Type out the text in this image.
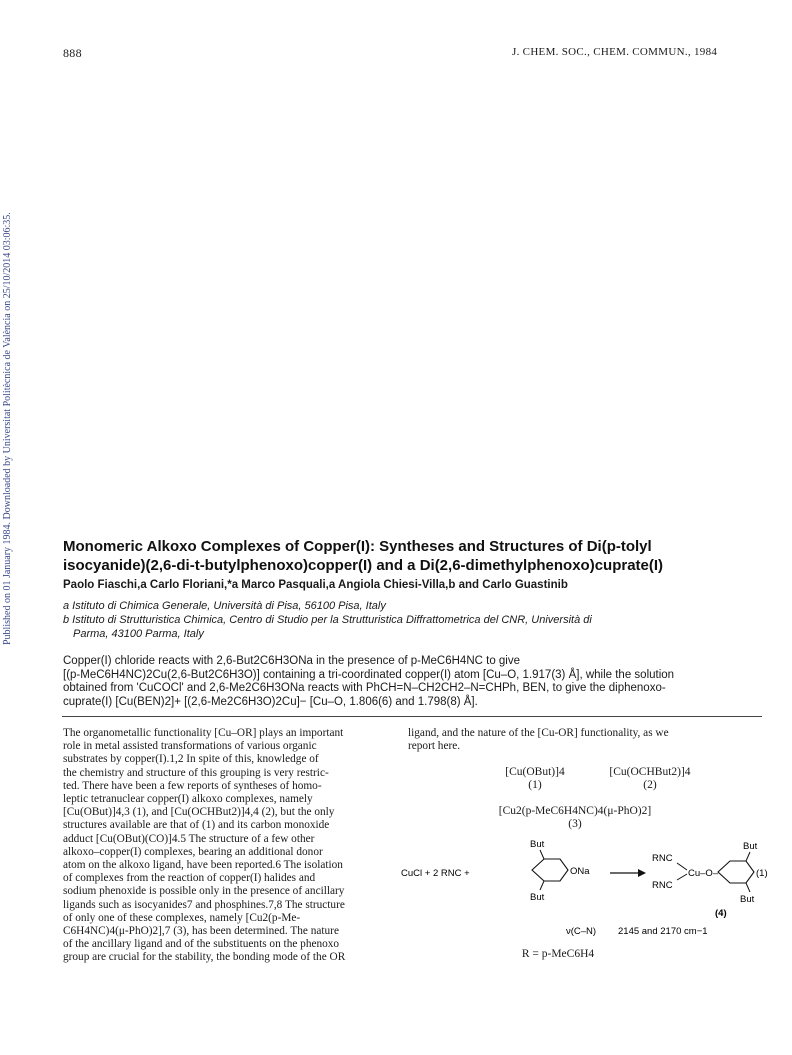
888	J. CHEM. SOC., CHEM. COMMUN., 1984
Published on 01 January 1984. Downloaded by Universitat Politècnica de València on 25/10/2014 03:06:35.	Monomeric Alkoxo Complexes of Copper(I): Syntheses and Structures of Di(p-tolyl
isocyanide)(2,6-di-t-butylphenoxo)copper(I) and a Di(2,6-dimethylphenoxo)cuprate(I)
Paolo Fiaschi,a Carlo Floriani,*a Marco Pasquali,a Angiola Chiesi-Villa,b and Carlo Guastinib
a Istituto di Chimica Generale, Università di Pisa, 56100 Pisa, Italy
b Istituto di Strutturistica Chimica, Centro di Studio per la Strutturistica Diffrattometrica del CNR, Università di
Parma, 43100 Parma, Italy
Copper(I) chloride reacts with 2,6-But2C6H3ONa in the presence of p-MeC6H4NC to give
[(p-MeC6H4NC)2Cu(2,6-But2C6H3O)] containing a tri-coordinated copper(I) atom [Cu–O, 1.917(3) Å], while the solution
obtained from 'CuCOCl' and 2,6-Me2C6H3ONa reacts with PhCH=N–CH2CH2–N=CHPh, BEN, to give the diphenoxo-
cuprate(I) [Cu(BEN)2]+ [(2,6-Me2C6H3O)2Cu]− [Cu–O, 1.806(6) and 1.798(8) Å].
The organometallic functionality [Cu–OR] plays an important
role in metal assisted transformations of various organic
substrates by copper(I).1,2 In spite of this, knowledge of
the chemistry and structure of this grouping is very restric-
ted. There have been a few reports of syntheses of homo-
leptic tetranuclear copper(I) alkoxo complexes, namely
[Cu(OBut)]4,3 (1), and [Cu(OCHBut2)]4,4 (2), but the only
structures available are that of (1) and its carbon monoxide
adduct [Cu(OBut)(CO)]4.5 The structure of a few other
alkoxo–copper(I) complexes, bearing an additional donor
atom on the alkoxo ligand, have been reported.6 The isolation
of complexes from the reaction of copper(I) halides and
sodium phenoxide is possible only in the presence of ancillary
ligands such as isocyanides7 and phosphines.7,8 The structure
of only one of these complexes, namely [Cu2(p-Me-
C6H4NC)4(μ-PhO)2],7 (3), has been determined. The nature
of the ancillary ligand and of the substituents on the phenoxo
group are crucial for the stability, the bonding mode of the OR
ligand, and the nature of the [Cu-OR] functionality, as we
report here.
[Cu(OBut)]4
(1)
[Cu(OCHBut2)]4
(2)
[Cu2(p-MeC6H4NC)4(μ-PhO)2]
(3)
CuCl + 2 RNC +	ONa
But
But
RNC
RNC
Cu–O–
But
But
(1)
(4)
ν(C–N) 2145 and 2170 cm−1
R = p-MeC6H4
